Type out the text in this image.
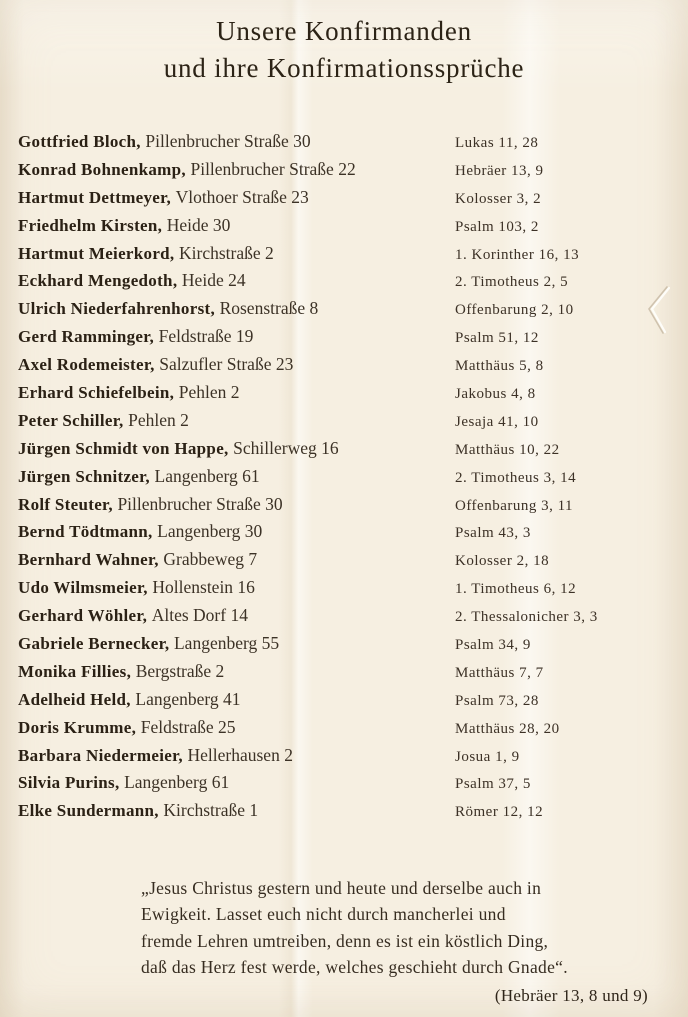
Unsere Konfirmanden
und ihre Konfirmationssprüche
Gottfried Bloch, Pillenbrucher Straße 30	Lukas 11, 28
Konrad Bohnenkamp, Pillenbrucher Straße 22	Hebräer 13, 9
Hartmut Dettmeyer, Vlothoer Straße 23	Kolosser 3, 2
Friedhelm Kirsten, Heide 30	Psalm 103, 2
Hartmut Meierkord, Kirchstraße 2	1. Korinther 16, 13
Eckhard Mengedoth, Heide 24	2. Timotheus 2, 5
Ulrich Niederfahrenhorst, Rosenstraße 8	Offenbarung 2, 10
Gerd Ramminger, Feldstraße 19	Psalm 51, 12
Axel Rodemeister, Salzufler Straße 23	Matthäus 5, 8
Erhard Schiefelbein, Pehlen 2	Jakobus 4, 8
Peter Schiller, Pehlen 2	Jesaja 41, 10
Jürgen Schmidt von Happe, Schillerweg 16	Matthäus 10, 22
Jürgen Schnitzer, Langenberg 61	2. Timotheus 3, 14
Rolf Steuter, Pillenbrucher Straße 30	Offenbarung 3, 11
Bernd Tödtmann, Langenberg 30	Psalm 43, 3
Bernhard Wahner, Grabbeweg 7	Kolosser 2, 18
Udo Wilmsmeier, Hollenstein 16	1. Timotheus 6, 12
Gerhard Wöhler, Altes Dorf 14	2. Thessalonicher 3, 3
Gabriele Bernecker, Langenberg 55	Psalm 34, 9
Monika Fillies, Bergstraße 2	Matthäus 7, 7
Adelheid Held, Langenberg 41	Psalm 73, 28
Doris Krumme, Feldstraße 25	Matthäus 28, 20
Barbara Niedermeier, Hellerhausen 2	Josua 1, 9
Silvia Purins, Langenberg 61	Psalm 37, 5
Elke Sundermann, Kirchstraße 1	Römer 12, 12
„Jesus Christus gestern und heute und derselbe auch in
Ewigkeit. Lasset euch nicht durch mancherlei und
fremde Lehren umtreiben, denn es ist ein köstlich Ding,
daß das Herz fest werde, welches geschieht durch Gnade“.
(Hebräer 13, 8 und 9)
